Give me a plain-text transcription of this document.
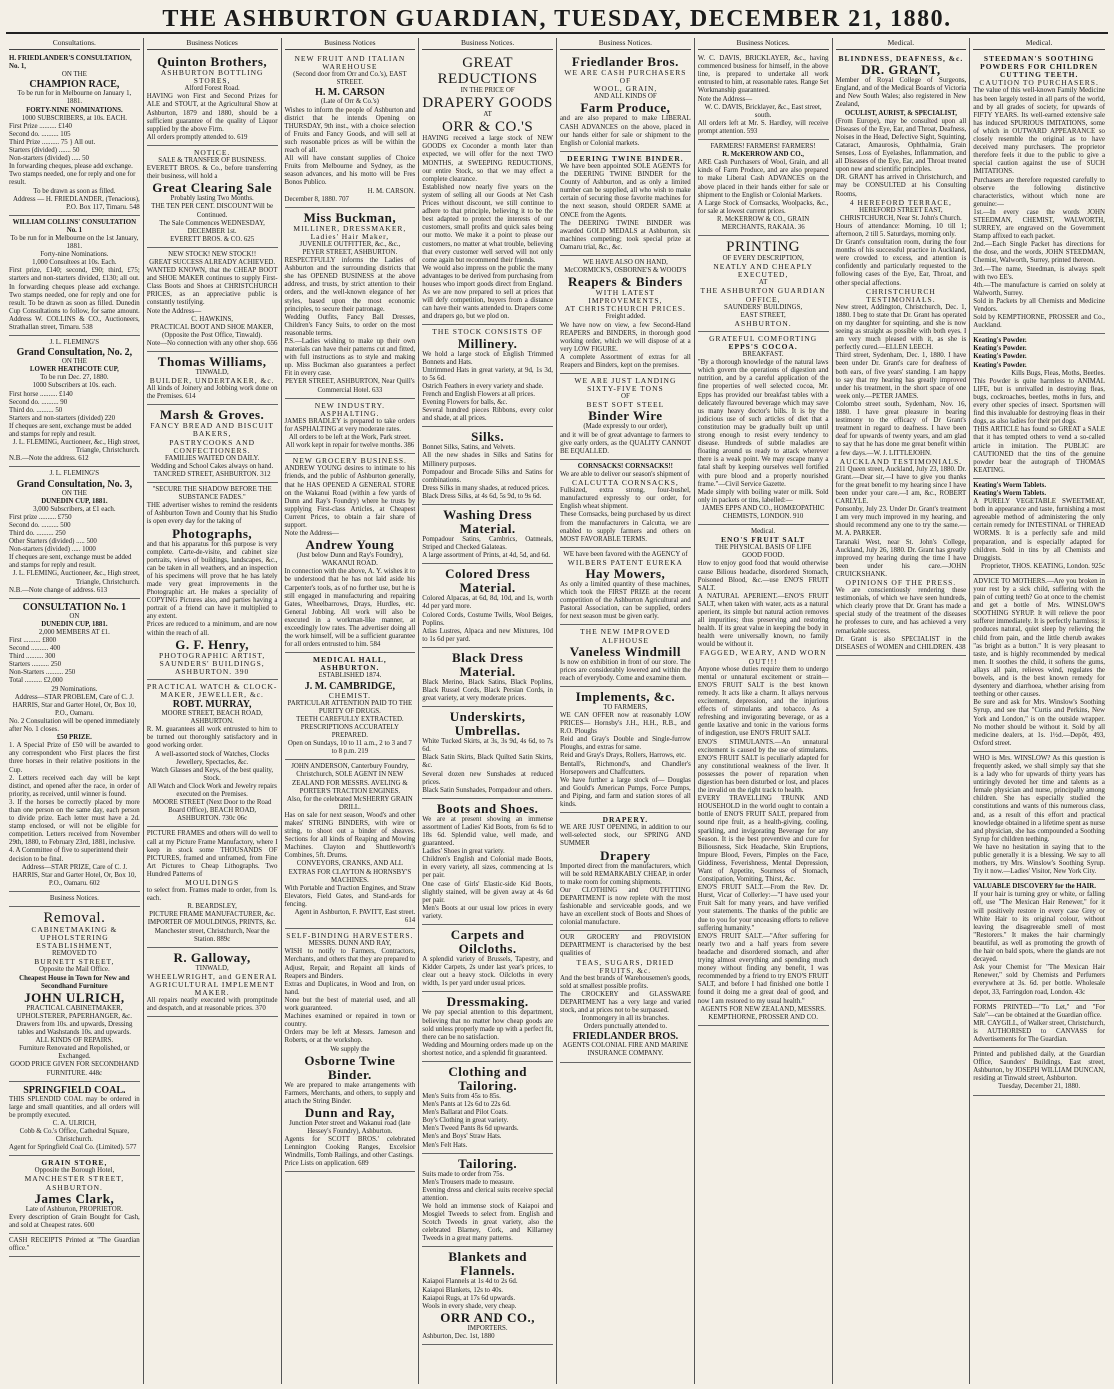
THE ASHBURTON GUARDIAN, TUESDAY, DECEMBER 21, 1880.
Consultations.
H. FRIEDLANDER'S CONSULTATION, No. 1,
ON THE
CHAMPION RACE,
To be run for in Melbourne on January 1, 1881.
FORTY-NINE NOMINATIONS.
1000 SUBSCRIBERS, at 10s. EACH.
First Prize .......... £140
Second do. .......... 105
Third Prize .......... 75 } All out.
Starters (divided) ....... 50
Non-starters (divided) ..... 50
In forwarding cheques, please add exchange.
Two stamps needed, one for reply and one for result.
To be drawn as soon as filled.
Address — H. FRIEDLANDER, (Tenacious), P.O. Box 117, Timaru. 548
WILLIAM COLLINS' CONSULTATION No. 1
To be run for in Melbourne on the 1st January, 1881.
Forty-nine Nominations.
1,000 Consultees at 10s. Each.
First prize, £140; second, £90; third, £75; starters and non-starters divided, £130; all out. In forwarding cheques please add exchange. Two stamps needed, one for reply and one for result. To be drawn as soon as filled. Dunedin Cup Consultations to follow, for same amount. Address W. COLLINS & CO., Auctioneers, Strathallan street, Timaru. 538
J. L. FLEMING'S
Grand Consultation, No. 2,
ON THE
LOWER HEATHCOTE CUP,
To be run Dec. 27, 1880.
1000 Subscribers at 10s. each.
First horse .......... £140
Second do. .......... 90
Third do. .......... 50
Starters and non-starters (divided) 220
If cheques are sent, exchange must be added and stamps for reply and result.
J. L. FLEMING, Auctioneer, &c., High street, Triangle, Christchurch.
N.B.—Note the address. 612
J. L. FLEMING'S
Grand Consultation, No. 3,
ON THE
DUNEDIN CUP, 1881.
3,000 Subscribers, at £1 each.
First prize .......... £750
Second do. .......... 500
Third do. .......... 250
Other Starters (divided) ..... 500
Non-starters (divided) ..... 1000
If cheques are sent, exchange must be added and stamps for reply and result.
J. L. FLEMING, Auctioneer, &c., High street, Triangle, Christchurch.
N.B.—Note change of address. 613
CONSULTATION No. 1
ON
DUNEDIN CUP, 1881.
2,000 MEMBERS AT £1.
First .......... £800
Second .......... 400
Third .......... 300
Starters .......... 250
Non-Starters .......... 250
Total .......... £2,000
29 Nominations.
Address—STAR PROBLEM, Care of C. J. HARRIS, Star and Garter Hotel, Or, Box 10, P.O., Oamaru.
No. 2 Consultation will be opened immediately after No. 1 closes.
£50 PRIZE.
1. A Special Prize of £50 will be awarded to any correspondent who First places the first three horses in their relative positions in the Cup.
2. Letters received each day will be kept distinct, and opened after the race, in order of priority, as received, until winner is found.
3. If the horses be correctly placed by more than one person on the same day, each person to divide prize. Each letter must have a 2d. stamp enclosed, or will not be eligible for competition. Letters received from November 29th, 1880, to February 23rd, 1881, inclusive.
4. A Committee of five to superintend their decision to be final.
Address—STAR PRIZE, Care of C. J. HARRIS, Star and Garter Hotel, Or, Box 10, P.O., Oamaru. 602
Business Notices.
Removal.
CABINETMAKING & UPHOLSTERING ESTABLISHMENT,
REMOVED TO
BURNETT STREET,
Opposite the Mail Office.
Cheapest House in Town for New and Secondhand Furniture
JOHN ULRICH,
PRACTICAL CABINETMAKER, UPHOLSTERER, PAPERHANGER, &c.
Drawers from 10s. and upwards, Dressing tables and Washstands 10s. and upwards.
ALL KINDS OF REPAIRS.
Furniture Renovated and Repolished, or Exchanged.
GOOD PRICE GIVEN FOR SECONDHAND FURNITURE. 448c
SPRINGFIELD COAL.
THIS SPLENDID COAL may be ordered in large and small quantities, and all orders will be promptly executed.
C. A. ULRICH,
Cobb & Co.'s Office, Cathedral Square, Christchurch.
Agent for Springfield Coal Co. (Limited). 577
GRAIN STORE,
Opposite the Borough Hotel,
MANCHESTER STREET, ASHBURTON.
James Clark,
Late of Ashburton, PROPRIETOR.
Every description of Grain Bought for Cash, and sold at Cheapest rates. 600
CASH RECEIPTS Printed at "The Guardian office."
Business Notices
Quinton Brothers,
ASHBURTON BOTTLING STORES,
Alford Forest Road.
HAVING won First and Second Prizes for ALE and STOUT, at the Agricultural Show at Ashburton, 1879 and 1880, should be a sufficient guarantee of the quality of Liquor supplied by the above Firm.
All orders promptly attended to. 619
NOTICE.
SALE & TRANSFER OF BUSINESS.
EVERETT BROS. & Co., before transferring their business, will hold a
Great Clearing Sale
Probably lasting Two Months.
THE TEN PER CENT. DISCOUNT Will be Continued.
The Sale Commences WEDNESDAY, DECEMBER 1st.
EVERETT BROS. & CO. 625
NEW STOCK! NEW STOCK!!
GREAT SUCCESS ALREADY ACHIEVED.
WANTED KNOWN, that the CHEAP BOOT and SHOE MAKER continues to supply First-Class Boots and Shoes at CHRISTCHURCH PRICES, as an appreciative public is constantly testifying.
Note the Address—
C. HAWKINS,
PRACTICAL BOOT AND SHOE MAKER, (Opposite the Post Office, Tinwald).
Note—No connection with any other shop. 656
Thomas Williams,
TINWALD,
BUILDER, UNDERTAKER, &c.
All kinds of Joinery and Jobbing work done on the Premises. 614
Marsh & Groves.
FANCY BREAD AND BISCUIT BAKERS,
PASTRYCOOKS AND CONFECTIONERS.
FAMILIES WAITED ON DAILY.
Wedding and School Cakes always on hand.
TANCRED STREET, ASHBURTON. 312
"SECURE THE SHADOW BEFORE THE SUBSTANCE FADES."
THE advertiser wishes to remind the residents of Ashburton Town and County that his Studio is open every day for the taking of
Photographs,
and that his apparatus for this purpose is very complete. Carte-de-visite, and cabinet size portraits, views of buildings, landscapes, &c., can be taken in all weathers, and an inspection of his specimens will prove that he has lately made very great improvements in the Photographic art. He makes a speciality of COPYING Pictures also, and parties having a portrait of a friend can have it multiplied to any extent.
Prices are reduced to a minimum, and are now within the reach of all.
G. F. Henry,
PHOTOGRAPHIC ARTIST, SAUNDERS' BUILDINGS, ASHBURTON. 390
PRACTICAL WATCH & CLOCK-MAKER, JEWELLER, &c.
ROBT. MURRAY,
MOORE STREET, BEACH ROAD, ASHBURTON.
R. M. guarantees all work entrusted to him to be turned out thoroughly satisfactory and in good working order.
A well-assorted stock of Watches, Clocks Jewellery, Spectacles, &c.
Watch Glasses and Keys, of the best quality, Stock.
All Watch and Clock Work and Jewelry repairs executed on the Premises.
MOORE STREET (Next Door to the Road Board Office), BEACH ROAD, ASHBURTON. 730c 06c
PICTURE FRAMES and others will do well to call at my Picture Frame Manufactory, where I keep in stock some THOUSANDS OF PICTURES, framed and unframed, from Fine Art Pictures to Cheap Lithographs. Two Hundred Patterns of
MOULDINGS
to select from. Frames made to order, from 1s. each.
R. BEARDSLEY,
PICTURE FRAME MANUFACTURER, &c.
IMPORTER OF MOULDINGS, PRINTS, &c. Manchester street, Christchurch, Near the Station. 889c
R. Galloway,
TINWALD,
WHEELWRIGHT, and GENERAL AGRICULTURAL IMPLEMENT MAKER.
All repairs neatly executed with promptitude and despatch, and at reasonable prices. 370
Business Notices
NEW FRUIT AND ITALIAN WAREHOUSE
(Second door from Orr and Co.'s), EAST STREET.
H. M. CARSON
(Late of Orr & Co.'s)
Wishes to inform the people of Ashburton and district that he intends Opening on THURSDAY, 9th inst., with a choice selection of Fruits and Fancy Goods, and will sell at such reasonable prices as will be within the reach of all.
All will have constant supplies of Choice Fruits from Melbourne and Sydney, as the season advances, and his motto will be Fres Bonos Publico.
H. M. CARSON.
December 8, 1880. 707
Miss Buckman,
MILLINER, DRESSMAKER, Ladies' Hair Maker,
JUVENILE OUTFITTER, &c., &c.,
PEYER STREET, ASHBURTON.
RESPECTFULLY informs the Ladies of Ashburton and the surrounding districts that she has OPENED BUSINESS at the above address, and trusts, by strict attention to their orders, and the well-known elegance of her styles, based upon the most economic principles, to secure their patronage.
Wedding Outfits, Fancy Ball Dresses, Children's Fancy Suits, to order on the most reasonable terms.
P.S.—Ladies wishing to make up their own materials can have their patterns cut and fitted, with full instructions as to style and making up. Miss Buckman also guarantees a perfect Fit in every case.
PEYER STREET, ASHBURTON, Near Quill's Commercial Hotel. 633
NEW INDUSTRY.
ASPHALTING.
JAMES BRADLEY is prepared to take orders for ASPHALTING at very moderate rates.
All orders to be left at the Work, Park street.
All work kept in repair for twelve months. 386
NEW GROCERY BUSINESS.
ANDREW YOUNG desires to intimate to his friends, and the public of Ashburton generally, that he HAS OPENED A GENERAL STORE on the Wakanui Road (within a few yards of Dunn and Ray's Foundry) where he trusts by supplying First-class Articles, at Cheapest Current Prices, to obtain a fair share of support.
Note the Address—
Andrew Young
(Just below Dunn and Ray's Foundry), WAKANUI ROAD.
In connection with the above, A. Y. wishes it to be understood that he has not laid aside his Carpenter's tools, as of no further use, but he is still engaged in manufacturing and repairing Gates, Wheelbarrows, Drays, Hurdles, etc. General Jobbing. All work will also be executed in a workman-like manner, at exceedingly low rates. The advertiser doing all the work himself, will be a sufficient guarantee for all orders entrusted to him. 584
MEDICAL HALL, ASHBURTON.
ESTABLISHED 1874.
J. M. CAMBRIDGE,
CHEMIST.
PARTICULAR ATTENTION PAID TO THE PURITY OF DRUGS.
TEETH CAREFULLY EXTRACTED.
PRESCRIPTIONS ACCURATELY PREPARED.
Open on Sundays, 10 to 11 a.m., 2 to 3 and 7 to 8 p.m. 219
JOHN ANDERSON, Canterbury Foundry, Christchurch, SOLE AGENT IN NEW ZEALAND FOR MESSRS. AVELING & PORTER'S TRACTION ENGINES.
Also, for the celebrated McSHERRY GRAIN DRILL.
Has on sale for next season, Wood's and other makes' STRING BINDERS, with wire or string, to shoot out a binder of sheaves. Sections for all kinds of Reaping and Mowing Machines. Clayton and Shuttleworth's Combines, 5ft. Drums.
CONVEYORS, CRANKS, AND ALL EXTRAS FOR CLAYTON & HORNSBY'S MACHINES.
With Portable and Traction Engines, and Straw Elevators, Field Gates, and Stand-ards for fencing.
Agent in Ashburton, F. PAVITT, East street. 614
SELF-BINDING HARVESTERS.
MESSRS. DUNN AND RAY,
WISH to notify to Farmers, Contractors, Merchants, and others that they are prepared to Adjust, Repair, and Repaint all kinds of Reapers and Binders.
Extras and Duplicates, in Wood and Iron, on hand.
None but the best of material used, and all work guaranteed.
Machines examined or repaired in town or country.
Orders may be left at Messrs. Jameson and Roberts, or at the workshop.
We supply the
Osborne Twine Binder.
We are prepared to make arrangements with Farmers, Merchants, and others, to supply and attach the String Binder.
Dunn and Ray,
Junction Peter street and Wakanui road (late Hessey's Foundry), Ashburton.
Agents for SCOTT BROS.' celebrated Lennington Cooking Ranges, Excelsior Windmills, Tomb Railings, and other Castings.
Price Lists on application. 689
Business Notices.
GREAT REDUCTIONS
IN THE PRICE OF
DRAPERY GOODS
AT
ORR & CO.'S
HAVING received a large stock of NEW GOODS ex Coconder a month later than expected, we will offer for the next TWO MONTHS, at SWEEPING REDUCTIONS, our entire Stock, so that we may effect a complete clearance.
Established now nearly five years on the system of selling all our Goods at Net Cash Prices without discount, we still continue to adhere to that principle, believing it to be the best adapted to protect the interests of our customers, small profits and quick sales being our motto. We make it a point to please our customers, no matter at what trouble, believing that every customer well served will not only come again but recommend their friends.
We would also impress on the public the many advantages to be derived from purchasing from houses who import goods direct from England. As we are now prepared to sell at prices that will defy competition, buyers from a distance can have their wants attended to. Drapers come and drapers go, but we plod on.
THE STOCK CONSISTS OF
Millinery.
We hold a large stock of English Trimmed Bonnets and Hats.
Untrimmed Hats in great variety, at 9d, 1s 3d, to 5s 6d.
Ostrich Feathers in every variety and shade.
French and English Flowers at all prices.
Evening Flowers for balls, &c.
Several hundred pieces Ribbons, every color and shade, at all prices.
Silks.
Bonnet Silks, Satins, and Velvets.
All the new shades in Silks and Satins for Millinery purposes.
Pompadour and Brocade Silks and Satins for combinations.
Dress Silks in many shades, at reduced prices.
Black Dress Silks, at 4s 6d, 5s 9d, to 9s 6d.
Washing Dress Material.
Pompadour Satins, Cambrics, Oatmeals, Striped and Checked Galateas.
A large assortment of Prints, at 4d, 5d, and 6d.
Colored Dress Material.
Colored Alpacas, at 6d, 8d, 10d, and 1s, worth 4d per yard more.
Colored Cords, Costume Twills, Wool Beiges, Poplins.
Atlas Lustres, Alpaca and new Mixtures, 10d to 1s 6d per yard.
Black Dress Material.
Black Merino, Black Satins, Black Poplins, Black Russel Cords, Black Persian Cords, in great variety, at very moderate prices.
Underskirts, Umbrellas.
White Tucked Skirts, at 3s, 3s 9d, 4s 6d, to 7s 6d.
Black Satin Skirts, Black Quilted Satin Skirts, &c.
Several dozen new Sunshades at reduced prices.
Black Satin Sunshades, Pompadour and others.
Boots and Shoes.
We are at present showing an immense assortment of Ladies' Kid Boots, from 6s 6d to 18s 6d. Splendid value, well made, and guaranteed.
Ladies' Shoes in great variety.
Children's English and Colonial made Boots, in every variety, all sizes, commencing at 1s per pair.
One case of Girls' Elastic-side Kid Boots, slightly stained, will be given away at 4s 6d per pair.
Men's Boots at our usual low prices in every variety.
Carpets and Oilcloths.
A splendid variety of Brussels, Tapestry, and Kidder Carpets, 2s under last year's prices, to clear out a heavy stock. Oilcloths in every width, 1s per yard under usual prices.
Dressmaking.
We pay special attention to this department, believing that no matter how cheap goods are sold unless properly made up with a perfect fit, there can be no satisfaction.
Wedding and Mourning orders made up on the shortest notice, and a splendid fit guaranteed.
Clothing and Tailoring.
Men's Suits from 45s to 85s.
Men's Pants at 12s 6d to 22s 6d.
Men's Ballarat and Pilot Coats.
Boy's Clothing in great variety.
Men's Tweed Pants 8s 6d upwards.
Men's and Boys' Straw Hats.
Men's Felt Hats.
Tailoring.
Suits made to order from 75s.
Men's Trousers made to measure.
Evening dress and clerical suits receive special attention.
We hold an immense stock of Kaiapoi and Mosgiel Tweeds to select from. English and Scotch Tweeds in great variety, also the celebrated Blarney, Cork, and Killarney Tweeds in a great many patterns.
Blankets and Flannels.
Kaiapoi Flannels at 1s 4d to 2s 6d.
Kaiapoi Blankets, 12s to 40s.
Kaiapoi Rugs, at 17s 6d upwards.
Wools in every shade, very cheap.
ORR AND CO.,
IMPORTERS.
Ashburton, Dec. 1st, 1880
Business Notices.
Friedlander Bros.
WE ARE CASH PURCHASERS OF
WOOL, GRAIN,
AND ALL KINDS OF
Farm Produce,
and are also prepared to make LIBERAL CASH ADVANCES on the above, placed in our hands either for sale or shipment to the English or Colonial markets.
DEERING TWINE BINDER.
We have been appointed SOLE AGENTS for the DEERING TWINE BINDER for the County of Ashburton, and as only a limited number can be supplied, all who wish to make certain of securing those favorite machines for the next season, should ORDER SAME at ONCE from the Agents.
The DEERING TWINE BINDER was awarded GOLD MEDALS at Ashburton, six machines competing; took special prize at Oamaru trial, &c., &c.
WE HAVE ALSO ON HAND, McCORMICK'S, OSBORNE'S & WOOD'S
Reapers & Binders
WITH LATEST IMPROVEMENTS,
AT CHRISTCHURCH PRICES.
Freight added.
We have now on view, a few Second-Hand REAPERS and BINDERS, in thorough good working order, which we will dispose of at a very LOW FIGURE.
A complete Assortment of extras for all Reapers and Binders, kept on the premises.
WE ARE JUST LANDING SIXTY-FIVE TONS
OF
BEST SOFT STEEL
Binder Wire
(Made expressly to our order),
and it will be of great advantage to farmers to give early orders, as the QUALITY CANNOT BE EQUALLED.
CORNSACKS! CORNSACKS!!
We are able to deliver our season's shipment of
CALCUTTA CORNSACKS,
Fullsized, extra strong, four-bushel, manufactured expressly to our order, for English wheat shipment.
These Cornsacks, being purchased by us direct from the manufacturers in Calcutta, we are enabled to supply farmers and others on MOST FAVORABLE TERMS.
WE have been favored with the AGENCY of
WILBERS PATENT EUREKA
Hay Mowers,
As only a limited quantity of these machines, which took the FIRST PRIZE at the recent competition of the Ashburton Agricultural and Pastoral Association, can be supplied, orders for next season must be given early.
THE NEW IMPROVED ALFHOUSE
Vaneless Windmill
Is now on exhibition in front of our store. The prices are considerably lowered and within the reach of everybody. Come and examine them.
Implements, &c.
TO FARMERS,
WE CAN OFFER now at reasonably LOW PRICES— Hornsby's J.H., H.H., R.B., and R.O. Ploughs
Reid and Gray's Double and Single-furrow Ploughs, and extras for same.
Reid and Gray's Drays, Rollers, Harrows, etc.
Bentall's, Richmond's, and Chandler's Horsepowers and Chaffcutters.
We have further a large stock of— Douglas and Gould's American Pumps, Force Pumps, and Piping, and farm and station stores of all kinds.
DRAPERY.
WE ARE JUST OPENING, in addition to our well-selected stock, our SPRING AND SUMMER
Drapery
Imported direct from the manufacturers, which will be sold REMARKABLY CHEAP, in order to make room for coming shipments.
Our CLOTHING and OUTFITTING DEPARTMENT is now replete with the most fashionable and serviceable goods, and we have an excellent stock of Boots and Shoes of colonial manufacture.
OUR GROCERY and PROVISION DEPARTMENT is characterised by the best qualities of
TEAS, SUGARS, DRIED FRUITS, &c.
And the best brands of Warehousemen's goods, sold at smallest possible profits.
The CROCKERY and GLASSWARE DEPARTMENT has a very large and varied stock, and at prices not to be surpassed.
Ironmongery in all its branches.
Orders punctually attended to.
FRIEDLANDER BROS.
AGENTS COLONIAL FIRE AND MARINE INSURANCE COMPANY.
Business Notices.
W. C. DAVIS, BRICKLAYER, &c., having commenced business for himself, in the above line, is prepared to undertake all work entrusted to him, at reasonable rates. Range Set Workmanship guaranteed.
Note the Address—
W. C. DAVIS, Bricklayer, &c., East street, south.
All orders left at Mr. S. Hardley, will receive prompt attention. 593
FARMERS! FARMERS! FARMERS!
R. McKERROW AND CO.,
ARE Cash Purchasers of Wool, Grain, and all kinds of Farm Produce, and are also prepared to make Liberal Cash ADVANCES on the above placed in their hands either for sale or shipment to the English or Colonial Markets.
A Large Stock of Cornsacks, Woolpacks, &c., for sale at lowest current prices.
R. McKERROW & CO., GRAIN MERCHANTS, RAKAIA. 36
PRINTING
OF EVERY DESCRIPTION,
NEATLY AND CHEAPLY EXECUTED,
AT
THE ASHBURTON GUARDIAN OFFICE,
SAUNDERS' BUILDINGS,
EAST STREET,
ASHBURTON.
GRATEFUL COMFORTING
EPPS'S COCOA.
BREAKFAST.
"By a thorough knowledge of the natural laws which govern the operations of digestion and nutrition, and by a careful application of the fine properties of well selected cocoa, Mr. Epps has provided our breakfast tables with a delicately flavoured beverage which may save us many heavy doctor's bills. It is by the judicious use of such articles of diet that a constitution may be gradually built up until strong enough to resist every tendency to disease. Hundreds of subtle maladies are floating around us ready to attack wherever there is a weak point. We may escape many a fatal shaft by keeping ourselves well fortified with pure blood and a properly nourished frame."—Civil Service Gazette.
Made simply with boiling water or milk. Sold only in packets or tins, labelled:—
JAMES EPPS AND CO., HOMŒOPATHIC CHEMISTS, LONDON. 910
Medical.
ENO'S FRUIT SALT
THE PHYSICAL BASIS OF LIFE
GOOD FOOD.
How to enjoy good food that would otherwise cause Bilious headache, disordered Stomach, Poisoned Blood, &c.—use ENO'S FRUIT SALT.
A NATURAL APERIENT.—ENO'S FRUIT SALT, when taken with water, acts as a natural aperient, its simple but natural action removes all impurities; thus preserving and restoring health. If its great value in keeping the body in health were universally known, no family would be without it.
FAGGED, WEARY, AND WORN OUT!!!
Anyone whose duties require them to undergo mental or unnatural excitement or strain—ENO'S FRUIT SALT is the best known remedy. It acts like a charm. It allays nervous excitement, depression, and the injurious effects of stimulants and tobacco. As a refreshing and invigorating beverage, or as a gentle laxative and tonic in the various forms of indigestion, use ENO'S FRUIT SALT.
ENO'S STIMULANTS.—An unnatural excitement is caused by the use of stimulants. ENO'S FRUIT SALT is peculiarly adapted for any constitutional weakness of the liver. It possesses the power of reparation when digestion has been disturbed or lost, and places the invalid on the right track to health.
EVERY TRAVELLING TRUNK AND HOUSEHOLD in the world ought to contain a bottle of ENO'S FRUIT SALT, prepared from sound ripe fruit, as a health-giving, cooling, sparkling, and invigorating Beverage for any Season. It is the best preventive and cure for Biliousness, Sick Headache, Skin Eruptions, Impure Blood, Fevers, Pimples on the Face, Giddiness, Feverishness, Mental Depression, Want of Appetite, Sourness of Stomach, Constipation, Vomiting, Thirst, &c.
ENO'S FRUIT SALT.—From the Rev. Dr. Hurst, Vicar of Collerley:—"I have used your Fruit Salt for many years, and have verified your statements. The thanks of the public are due to you for your unceasing efforts to relieve suffering humanity."
ENO'S FRUIT SALT.—"After suffering for nearly two and a half years from severe headache and disordered stomach, and after trying almost everything and spending much money without finding any benefit, I was recommended by a friend to try ENO'S FRUIT SALT, and before I had finished one bottle I found it doing me a great deal of good, and now I am restored to my usual health."
AGENTS FOR NEW ZEALAND, MESSRS. KEMPTHORNE, PROSSER AND CO.
Medical.
BLINDNESS, DEAFNESS, &c.
DR. GRANT,
Member of Royal College of Surgeons, England, and of the Medical Boards of Victoria and New South Wales; also registered in New Zealand,
OCULIST, AURIST, & SPECIALIST,
(From Europe), may be consulted upon all Diseases of the Eye, Ear, and Throat, Deafness, Noises in the Head, Defective Sight, Squinting, Cataract, Amaurosis, Ophthalmia, Grain Senses, Loss of Eyelashes, Inflammation, and all Diseases of the Eye, Ear, and Throat treated upon new and scientific principles.
DR. GRANT has arrived in Christchurch, and may be CONSULTED at his Consulting Rooms,
4 HEREFORD TERRACE,
HEREFORD STREET EAST, CHRISTCHURCH, Near St. John's Church.
Hours of attendance: Morning, 10 till 1; afternoon, 2 till 5. Saturdays, morning only.
Dr Grant's consultation room, during the four months of his successful practice in Auckland, were crowded to excess, and attention is confidently and particularly requested to the following cases of the Eye, Ear, Throat, and other special affections.
CHRISTCHURCH TESTIMONIALS.
New street, Addington, Christchurch, Dec. 1, 1880. I beg to state that Dr. Grant has operated on my daughter for squinting, and she is now seeing as straight as possible with both eyes. I am very much pleased with it, as she is perfectly cured.—ELLEN LEECH.
Third street, Sydenham, Dec. 1, 1880. I have been under Dr. Grant's care for deafness of both ears, of five years' standing. I am happy to say that my hearing has greatly improved under his treatment, in the short space of one week only.—PETER JAMES.
Colombo street south, Sydenham, Nov. 16, 1880. I have great pleasure in bearing testimony to the efficacy of Dr Grant's treatment in regard to deafness. I have been deaf for upwards of twenty years, and am glad to say that he has done me great benefit within a few days.—W. J. LITTLEJOHN.
AUCKLAND TESTIMONIALS.
211 Queen street, Auckland, July 23, 1880. Dr. Grant.—Dear sir,—I have to give you thanks for the great benefit to my hearing since I have been under your care.—I am, &c., ROBERT CARLYLE.
Ponsonby, July 23. Under Dr. Grant's treatment I am very much improved in my hearing, and should recommend any one to try the same.—M. A. PARKER.
Taranaki West, near St. John's College, Auckland, July 26, 1880. Dr. Grant has greatly improved my hearing during the time I have been under his care.—JOHN CRUICKSHANK.
OPINIONS OF THE PRESS.
We are conscientiously rendering these testimonials, of which we have seen hundreds, which clearly prove that Dr. Grant has made a special study of the treatment of the diseases he professes to cure, and has achieved a very remarkable success.
Dr. Grant is also SPECIALIST in the DISEASES of WOMEN and CHILDREN. 438
Medical.
STEEDMAN'S SOOTHING POWDERS FOR CHILDREN CUTTING TEETH.
CAUTION TO PURCHASERS.
The value of this well-known Family Medicine has been largely tested in all parts of the world, and by all grades of society, for upwards of FIFTY YEARS. Its well-earned extensive sale has induced SPURIOUS IMITATIONS, some of which in OUTWARD APPEARANCE so closely resemble the original as to have deceived many purchasers. The proprietor therefore feels it due to the public to give a special caution against the use of SUCH IMITATIONS.
Purchasers are therefore requested carefully to observe the following distinctive characteristics, without which none are genuine:—
1st.—In every case the words JOHN STEEDMAN, CHEMIST, WALWORTH, SURREY, are engraved on the Government Stamp affixed to each packet.
2nd.—Each Single Packet has directions for the dose, and the words, JOHN STEEDMAN, Chemist, Walworth, Surrey, printed thereon.
3rd.—The name, Steedman, is always spelt with two EE's.
4th.—The manufacture is carried on solely at Walworth, Surrey.
Sold in Packets by all Chemists and Medicine Vendors.
Sold by KEMPTHORNE, PROSSER and Co., Auckland.
Keating's Powder.
Keating's Powder.
Keating's Powder.
Keating's Powder.
Kills Bugs, Fleas, Moths, Beetles.
This Powder is quite harmless to ANIMAL LIFE, but is unrivalled in destroying fleas, bugs, cockroaches, beetles, moths in furs, and every other species of insect. Sportsmen will find this invaluable for destroying fleas in their dogs, as also ladies for their pet dogs.
THIS ARTICLE has found so GREAT a SALE that it has tempted others to vend a so-called article in imitation. The PUBLIC are CAUTIONED that the tins of the genuine powder bear the autograph of THOMAS KEATING.
Keating's Worm Tablets.
Keating's Worm Tablets.
A PURELY VEGETABLE SWEETMEAT, both in appearance and taste, furnishing a most agreeable method of administering the only certain remedy for INTESTINAL or THREAD WORMS. It is a perfectly safe and mild preparation, and is especially adapted for children. Sold in tins by all Chemists and Druggists.
Proprietor, THOS. KEATING, London. 925c
ADVICE TO MOTHERS.—Are you broken in your rest by a sick child, suffering with the pain of cutting teeth? Go at once to the chemist and get a bottle of Mrs. WINSLOW'S SOOTHING SYRUP. It will relieve the poor sufferer immediately. It is perfectly harmless; it produces natural, quiet sleep by relieving the child from pain, and the little cherub awakes "as bright as a button." It is very pleasant to taste, and is highly recommended by medical men. It soothes the child, it softens the gums, allays all pain, relieves wind, regulates the bowels, and is the best known remedy for dysentery and diarrhoea, whether arising from teething or other causes.
Be sure and ask for Mrs. Winslow's Soothing Syrup, and see that "Curtis and Perkins, New York and London," is on the outside wrapper. No mother should be without it. Sold by all medicine dealers, at 1s. 1½d.—Depôt, 493, Oxford street.
WHO is Mrs. WINSLOW? As this question is frequently asked, we shall simply say that she is a lady who for upwards of thirty years has untiringly devoted her time and talents as a female physician and nurse, principally among children. She has especially studied the constitutions and wants of this numerous class, and, as a result of this effort and practical knowledge obtained in a lifetime spent as nurse and physician, she has compounded a Soothing Syrup for children teething.
We have no hesitation in saying that to the public generally it is a blessing. We say to all mothers, try Mrs. Winslow's Soothing Syrup. Try it now.—Ladies' Visitor, New York City.
VALUABLE DISCOVERY for the HAIR.
If your hair is turning grey or white, or falling off, use "The Mexican Hair Renewer," for it will positively restore in every case Grey or White Hair to its original colour, without leaving the disagreeable smell of most "Restorers." It makes the hair charmingly beautiful, as well as promoting the growth of the hair on bald spots, where the glands are not decayed.
Ask your Chemist for "The Mexican Hair Renewer," sold by Chemists and Perfumers everywhere at 3s. 6d. per bottle. Wholesale depot, 33, Farringdon road, London. 43c
FORMS PRINTED—"To Let," and "For Sale"—can be obtained at the Guardian office.
MR. CAYGILL, of Walker street, Christchurch, is AUTHORISED to CANVASS for Advertisements for The Guardian.
Printed and published daily, at the Guardian Office, Saunders' Buildings, East street, Ashburton, by JOSEPH WILLIAM DUNCAN, residing at Tinwald street, Ashburton.
Tuesday, December 21, 1880.
